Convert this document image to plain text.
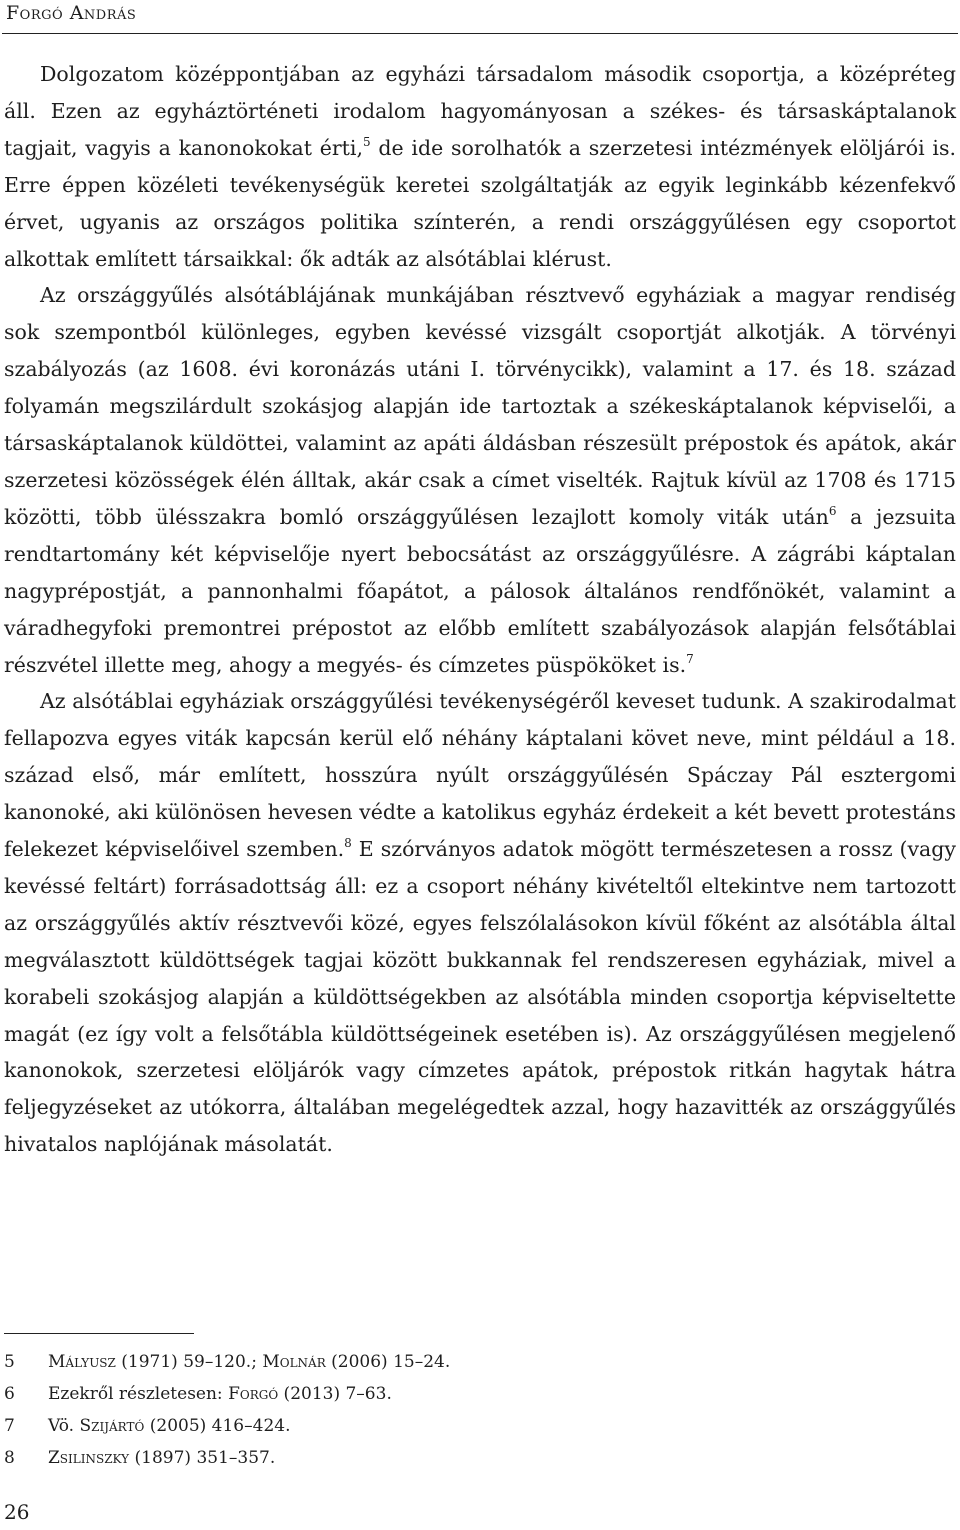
Forgó András

Dolgozatom középpontjában az egyházi társadalom második csoportja, a középréteg áll. Ezen az egyháztörténeti irodalom hagyományosan a székes- és társaskáptalanok tagjait, vagyis a kanonokokat érti,$^5$ de ide sorolhatók a szerzetesi intézmények elöljárói is. Erre éppen közéleti tevékenységük keretei szolgáltatják az egyik leginkább kézenfekvő érvet, ugyanis az országos politika színterén, a rendi országgyűlésen egy csoportot alkottak említett társaikkal: ők adták az alsótáblai klérust.

Az országgyűlés alsótáblájának munkájában résztvevő egyháziak a magyar rendiség sok szempontból különleges, egyben kevéssé vizsgált csoportját alkotják. A törvényi szabályozás (az 1608. évi koronázás utáni I. törvénycikk), valamint a 17. és 18. század folyamán megszilárdult szokásjog alapján ide tartoztak a székeskáptalanok képviselői, a társaskáptalanok küldöttei, valamint az apáti áldásban részesült prépostok és apátok, akár szerzetesi közösségek élén álltak, akár csak a címet viselték. Rajtuk kívül az 1708 és 1715 közötti, több ülésszakra bomló országgyűlésen lezajlott komoly viták után$^6$ a jezsuita rendtartomány két képviselője nyert bebocsátást az országgyűlésre. A zágrábi káptalan nagyprépostját, a pannonhalmi főapátot, a pálosok általános rendfőnökét, valamint a váradhegyfoki premontrei prépostot az előbb említett szabályozások alapján felsőtáblai részvétel illette meg, ahogy a megyés- és címzetes püspököket is.$^7$

Az alsótáblai egyháziak országgyűlési tevékenységéről keveset tudunk. A szakirodalmat fellapozva egyes viták kapcsán kerül elő néhány káptalani követ neve, mint például a 18. század első, már említett, hosszúra nyúlt országgyűlésén Spáczay Pál esztergomi kanonoké, aki különösen hevesen védte a katolikus egyház érdekeit a két bevett protestáns felekezet képviselőivel szemben.$^8$ E szórványos adatok mögött természetesen a rossz (vagy kevéssé feltárt) forrásadottság áll: ez a csoport néhány kivételtől eltekintve nem tartozott az országgyűlés aktív résztvevői közé, egyes felszólalásokon kívül főként az alsótábla által megválasztott küldöttségek tagjai között bukkannak fel rendszeresen egyháziak, mivel a korabeli szokásjog alapján a küldöttségekben az alsótábla minden csoportja képviseltette magát (ez így volt a felsőtábla küldöttségeinek esetében is). Az országgyűlésen megjelenő kanonokok, szerzetesi elöljárók vagy címzetes apátok, prépostok ritkán hagytak hátra feljegyzéseket az utókorra, általában megelégedtek azzal, hogy hazavitték az országgyűlés hivatalos naplójának másolatát.

5	Mályusz (1971) 59–120.; Molnár (2006) 15–24.
6	Ezekről részletesen: Forgó (2013) 7–63.
7	Vö. Szijártó (2005) 416–424.
8	Zsilinszky (1897) 351–357.
26
